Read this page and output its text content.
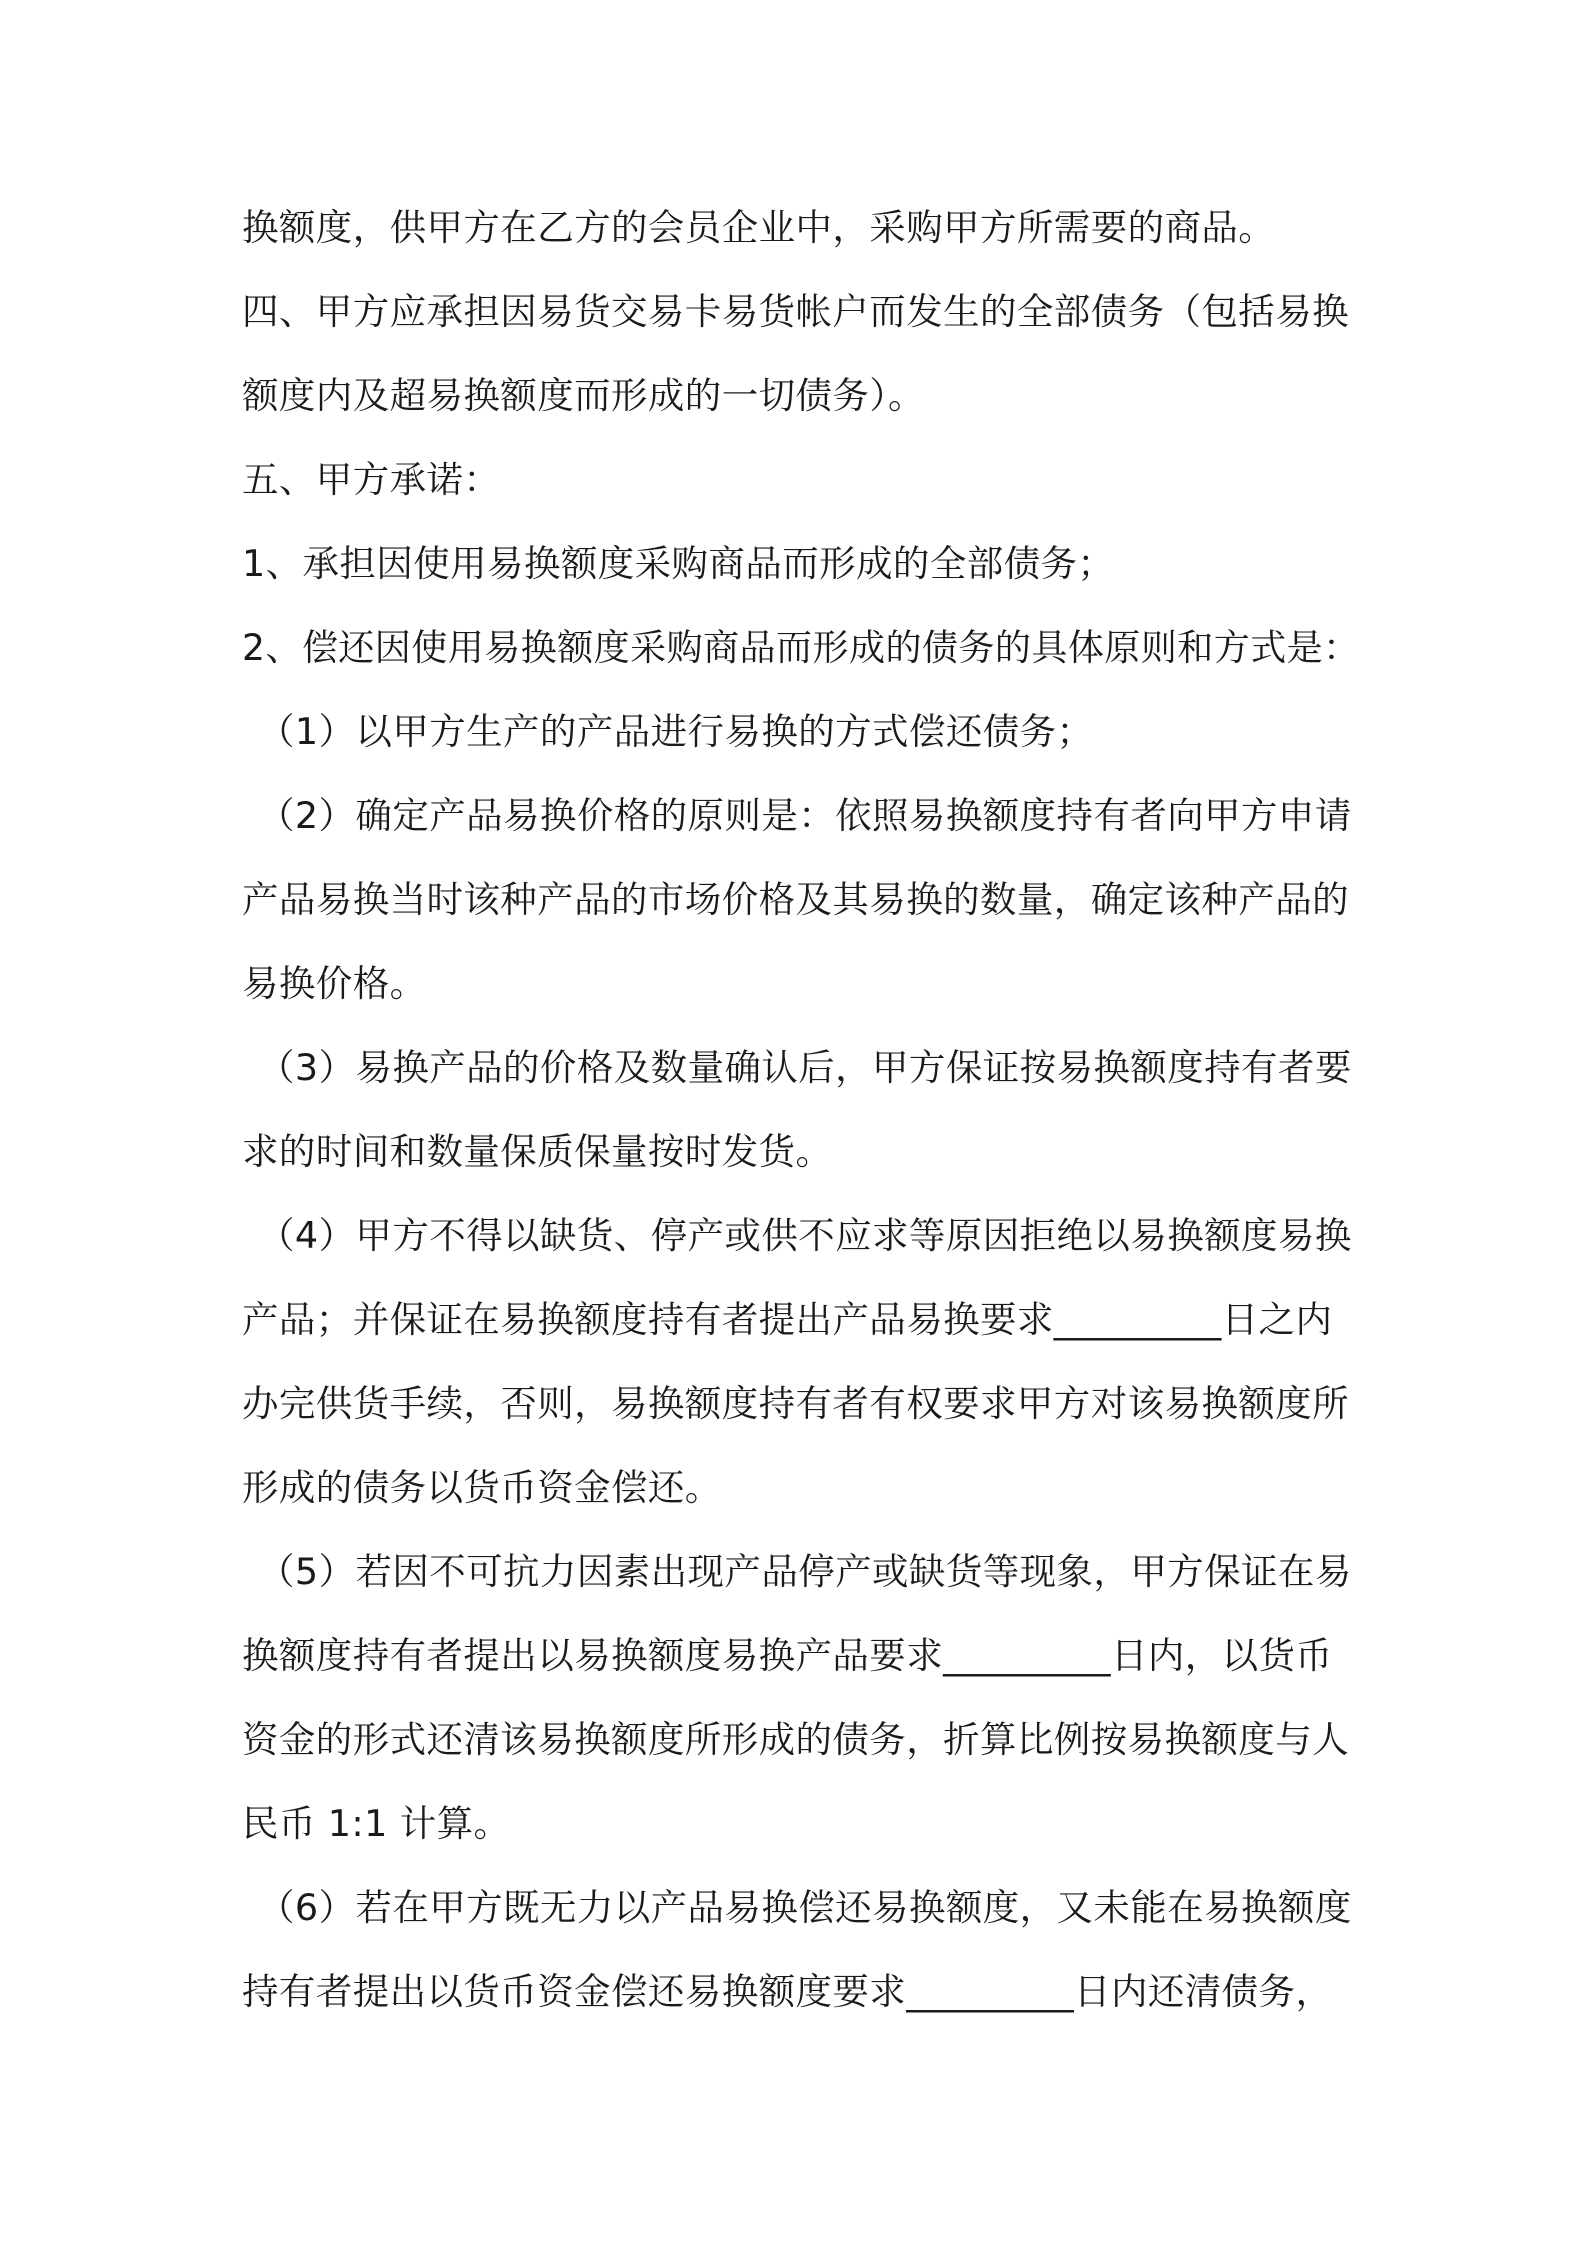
换额度，供甲方在乙方的会员企业中，采购甲方所需要的商品。
四、甲方应承担因易货交易卡易货帐户而发生的全部债务（包括易换
额度内及超易换额度而形成的一切债务）。
五、甲方承诺：
1、承担因使用易换额度采购商品而形成的全部债务；
2、偿还因使用易换额度采购商品而形成的债务的具体原则和方式是：
（1）以甲方生产的产品进行易换的方式偿还债务；
（2）确定产品易换价格的原则是：依照易换额度持有者向甲方申请
产品易换当时该种产品的市场价格及其易换的数量，确定该种产品的
易换价格。
（3）易换产品的价格及数量确认后，甲方保证按易换额度持有者要
求的时间和数量保质保量按时发货。
（4）甲方不得以缺货、停产或供不应求等原因拒绝以易换额度易换
产品；并保证在易换额度持有者提出产品易换要求_________日之内
办完供货手续，否则，易换额度持有者有权要求甲方对该易换额度所
形成的债务以货币资金偿还。
（5）若因不可抗力因素出现产品停产或缺货等现象，甲方保证在易
换额度持有者提出以易换额度易换产品要求_________日内，以货币
资金的形式还清该易换额度所形成的债务，折算比例按易换额度与人
民币 1:1 计算。
（6）若在甲方既无力以产品易换偿还易换额度，又未能在易换额度
持有者提出以货币资金偿还易换额度要求_________日内还清债务，
